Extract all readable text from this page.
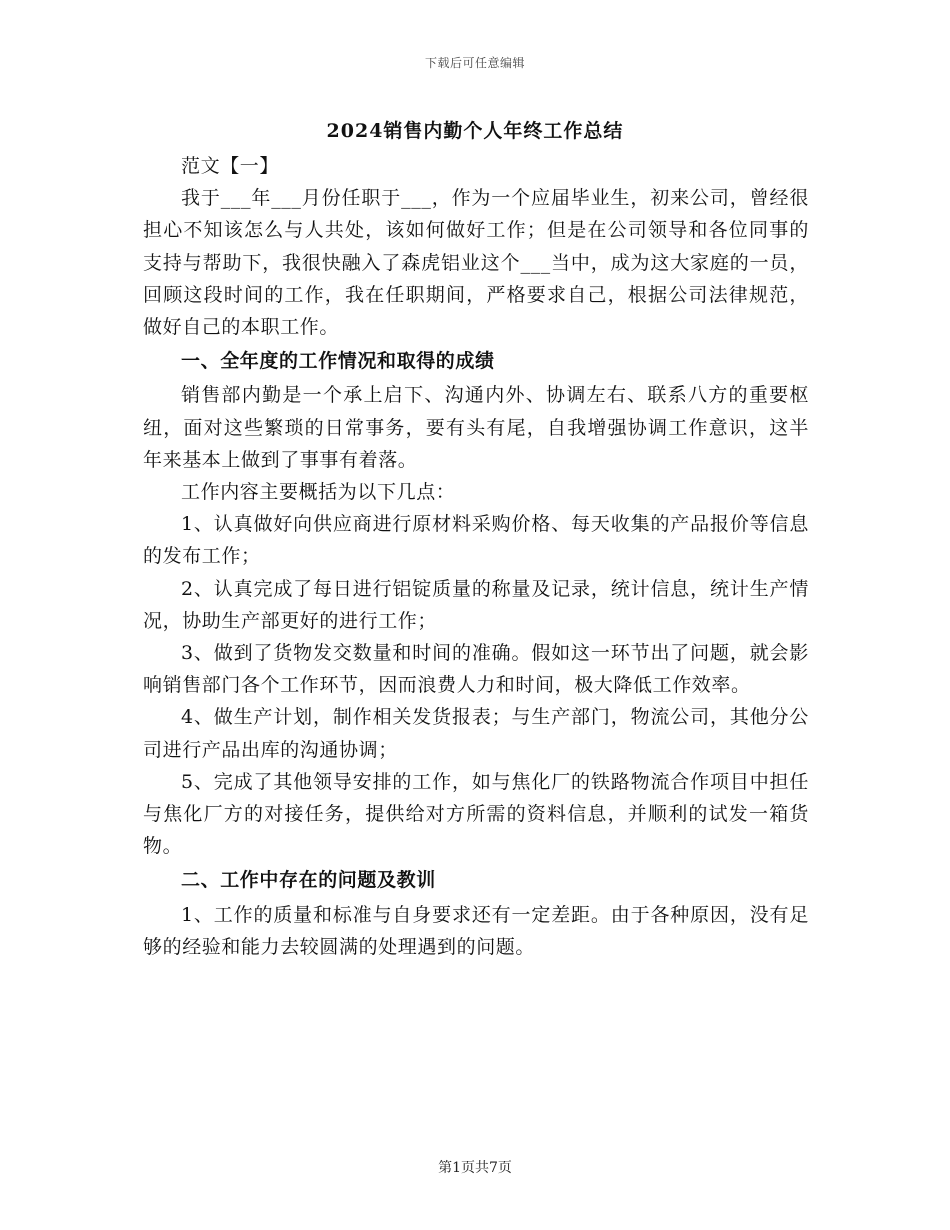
下载后可任意编辑
2024销售内勤个人年终工作总结

范文【一】

我于___年___月份任职于___，作为一个应届毕业生，初来公司，曾经很担心不知该怎么与人共处，该如何做好工作；但是在公司领导和各位同事的支持与帮助下，我很快融入了森虎铝业这个___当中，成为这大家庭的一员，回顾这段时间的工作，我在任职期间，严格要求自己，根据公司法律规范，做好自己的本职工作。

一、全年度的工作情况和取得的成绩

销售部内勤是一个承上启下、沟通内外、协调左右、联系八方的重要枢纽，面对这些繁琐的日常事务，要有头有尾，自我增强协调工作意识，这半年来基本上做到了事事有着落。

工作内容主要概括为以下几点：

1、认真做好向供应商进行原材料采购价格、每天收集的产品报价等信息的发布工作；

2、认真完成了每日进行铝锭质量的称量及记录，统计信息，统计生产情况，协助生产部更好的进行工作；

3、做到了货物发交数量和时间的准确。假如这一环节出了问题，就会影响销售部门各个工作环节，因而浪费人力和时间，极大降低工作效率。

4、做生产计划，制作相关发货报表；与生产部门，物流公司，其他分公司进行产品出库的沟通协调；

5、完成了其他领导安排的工作，如与焦化厂的铁路物流合作项目中担任与焦化厂方的对接任务，提供给对方所需的资料信息，并顺利的试发一箱货物。

二、工作中存在的问题及教训

1、工作的质量和标准与自身要求还有一定差距。由于各种原因，没有足够的经验和能力去较圆满的处理遇到的问题。

第1页共7页
